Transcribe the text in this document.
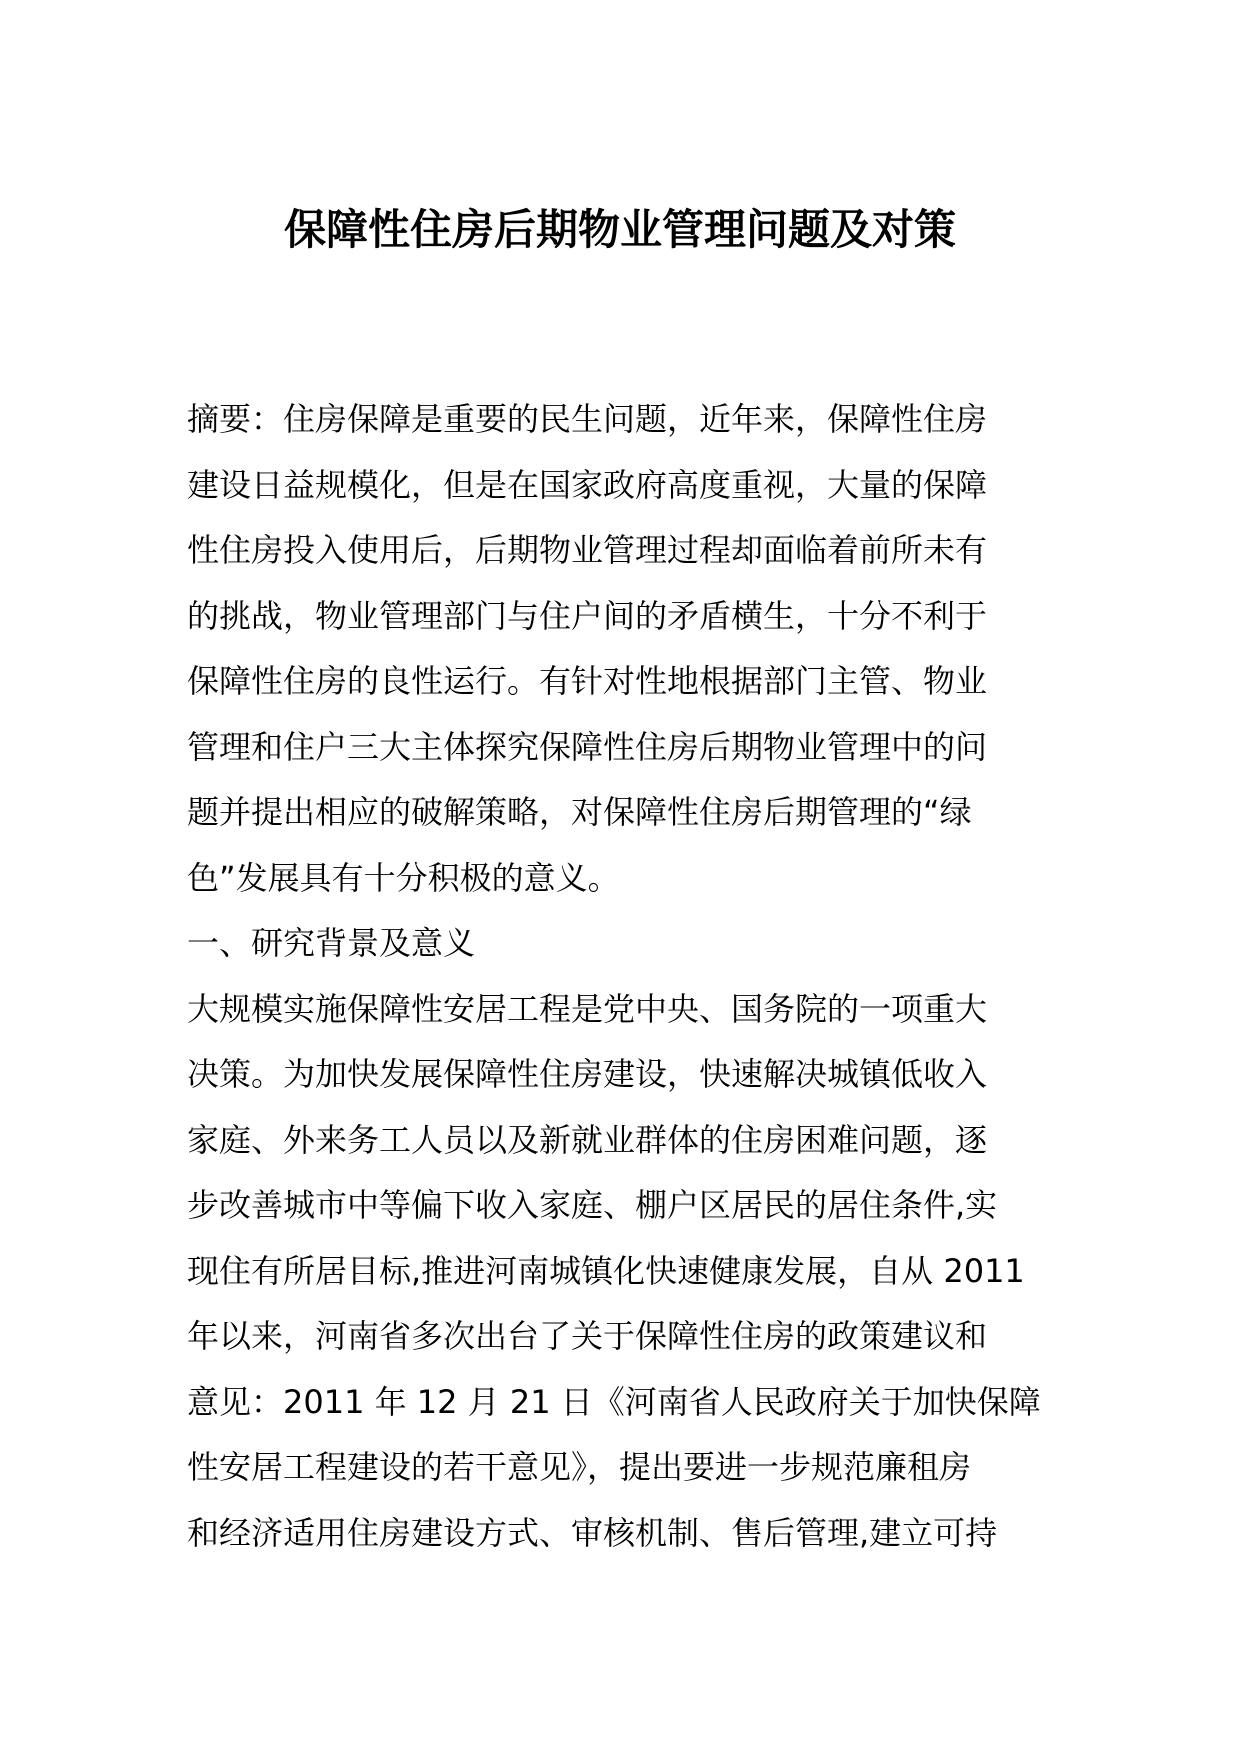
保障性住房后期物业管理问题及对策
摘要：住房保障是重要的民生问题，近年来，保障性住房
建设日益规模化，但是在国家政府高度重视，大量的保障
性住房投入使用后，后期物业管理过程却面临着前所未有
的挑战，物业管理部门与住户间的矛盾横生，十分不利于
保障性住房的良性运行。有针对性地根据部门主管、物业
管理和住户三大主体探究保障性住房后期物业管理中的问
题并提出相应的破解策略，对保障性住房后期管理的“绿
色”发展具有十分积极的意义。
一、研究背景及意义
大规模实施保障性安居工程是党中央、国务院的一项重大
决策。为加快发展保障性住房建设，快速解决城镇低收入
家庭、外来务工人员以及新就业群体的住房困难问题，逐
步改善城市中等偏下收入家庭、棚户区居民的居住条件,实
现住有所居目标,推进河南城镇化快速健康发展，自从 2011
年以来，河南省多次出台了关于保障性住房的政策建议和
意见：2011 年 12 月 21 日《河南省人民政府关于加快保障
性安居工程建设的若干意见》，提出要进一步规范廉租房
和经济适用住房建设方式、审核机制、售后管理,建立可持
